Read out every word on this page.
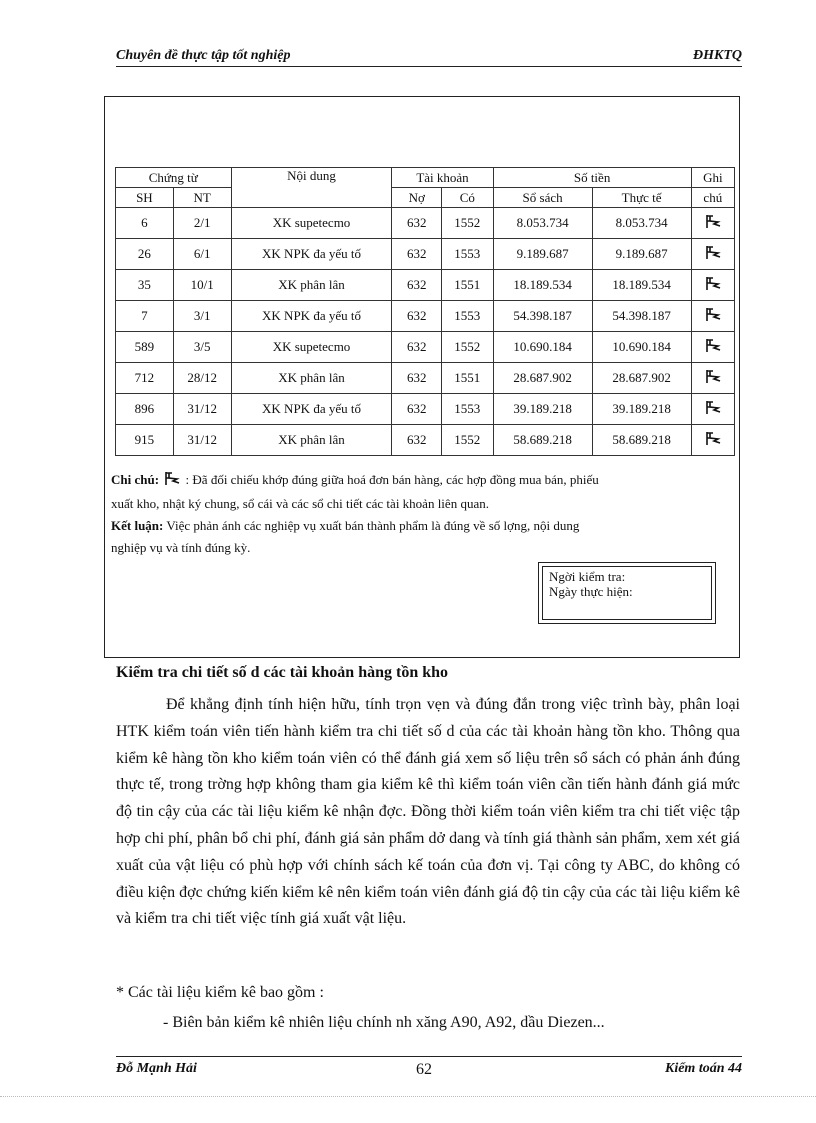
Chuyên đề thực tập tốt nghiệp	ĐHKTQ
Chứng từ		Nội dung	Tài khoản		Số tiền		Ghi
SH	NT		Nợ	Có	Sổ sách	Thực tế	chú
6	2/1	XK supetecmo	632	1552	8.053.734	8.053.734	
26	6/1	XK NPK đa yếu tố	632	1553	9.189.687	9.189.687	
35	10/1	XK phân lân	632	1551	18.189.534	18.189.534	
7	3/1	XK NPK đa yếu tố	632	1553	54.398.187	54.398.187	
589	3/5	XK supetecmo	632	1552	10.690.184	10.690.184	
712	28/12	XK phân lân	632	1551	28.687.902	28.687.902	
896	31/12	XK NPK đa yếu tố	632	1553	39.189.218	39.189.218	
915	31/12	XK phân lân	632	1552	58.689.218	58.689.218	
Chi chú: : Đã đối chiếu khớp đúng giữa hoá đơn bán hàng, các hợp đồng mua bán, phiếu
xuất kho, nhật ký chung, sổ cái và các sổ chi tiết các tài khoản liên quan.
Kết luận: Việc phản ánh các nghiệp vụ xuất bán thành phẩm là đúng về số lợng, nội dung
nghiệp vụ và tính đúng kỳ.
Ngời kiểm tra:
Ngày thực hiện:
Kiểm tra chi tiết số d các tài khoản hàng tồn kho
Để khẳng định tính hiện hữu, tính trọn vẹn và đúng đắn trong việc trình bày, phân loại HTK kiểm toán viên tiến hành kiểm tra chi tiết số d của các tài khoản hàng tồn kho. Thông qua kiểm kê hàng tồn kho kiểm toán viên có thể đánh giá xem số liệu trên sổ sách có phản ánh đúng thực tế, trong trờng hợp không tham gia kiểm kê thì kiểm toán viên cần tiến hành đánh giá mức độ tin cậy của các tài liệu kiểm kê nhận đợc. Đồng thời kiểm toán viên kiểm tra chi tiết việc tập hợp chi phí, phân bổ chi phí, đánh giá sản phẩm dở dang và tính giá thành sản phẩm, xem xét giá xuất của vật liệu có phù hợp với chính sách kế toán của đơn vị. Tại công ty ABC, do không có điều kiện đợc chứng kiến kiểm kê nên kiểm toán viên đánh giá độ tin cậy của các tài liệu kiểm kê và kiểm tra chi tiết việc tính giá xuất vật liệu.
* Các tài liệu kiểm kê bao gồm :
- Biên bản kiểm kê nhiên liệu chính nh xăng A90, A92, dầu Diezen...
Đỗ Mạnh Hải	62	Kiểm toán 44
